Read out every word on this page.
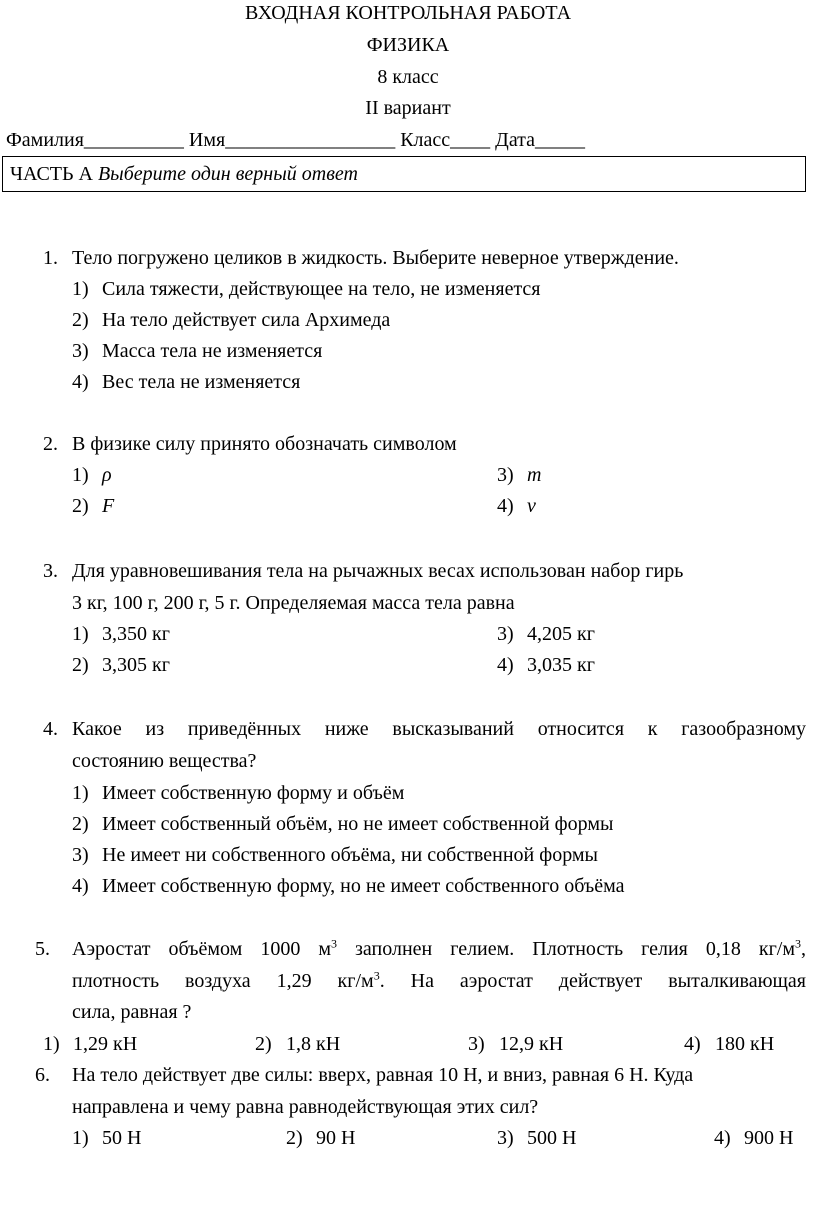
ВХОДНАЯ КОНТРОЛЬНАЯ РАБОТА
ФИЗИКА
8 класс
II вариант
Фамилия__________ Имя_________________ Класс____ Дата_____
ЧАСТЬ А Выберите один верный ответ
1. Тело погружено целиков в жидкость. Выберите неверное утверждение.
1) Сила тяжести, действующее на тело, не изменяется
2) На тело действует сила Архимеда
3) Масса тела не изменяется
4) Вес тела не изменяется
2. В физике силу принято обозначать символом
1) ρ
2) F
3) m
4) v
3. Для уравновешивания тела на рычажных весах использован набор гирь
3 кг, 100 г, 200 г, 5 г. Определяемая масса тела равна
1) 3,350 кг
2) 3,305 кг
3) 4,205 кг
4) 3,035 кг
4. Какое из приведённых ниже высказываний относится к газообразному
состоянию вещества?
1) Имеет собственную форму и объём
2) Имеет собственный объём, но не имеет собственной формы
3) Не имеет ни собственного объёма, ни собственной формы
4) Имеет собственную форму, но не имеет собственного объёма
5. Аэростат объёмом 1000 $м^3$ заполнен гелием. Плотность гелия 0,18 $кг/м^3$,
плотность воздуха 1,29 $кг/м^3$. На аэростат действует выталкивающая
сила, равная ?
1) 1,29 кН	2) 1,8 кН	3) 12,9 кН	4) 180 кН
6. На тело действует две силы: вверх, равная 10 Н, и вниз, равная 6 Н. Куда
направлена и чему равна равнодействующая этих сил?
1) 50 Н	2) 90 Н	3) 500 Н	4) 900 Н
